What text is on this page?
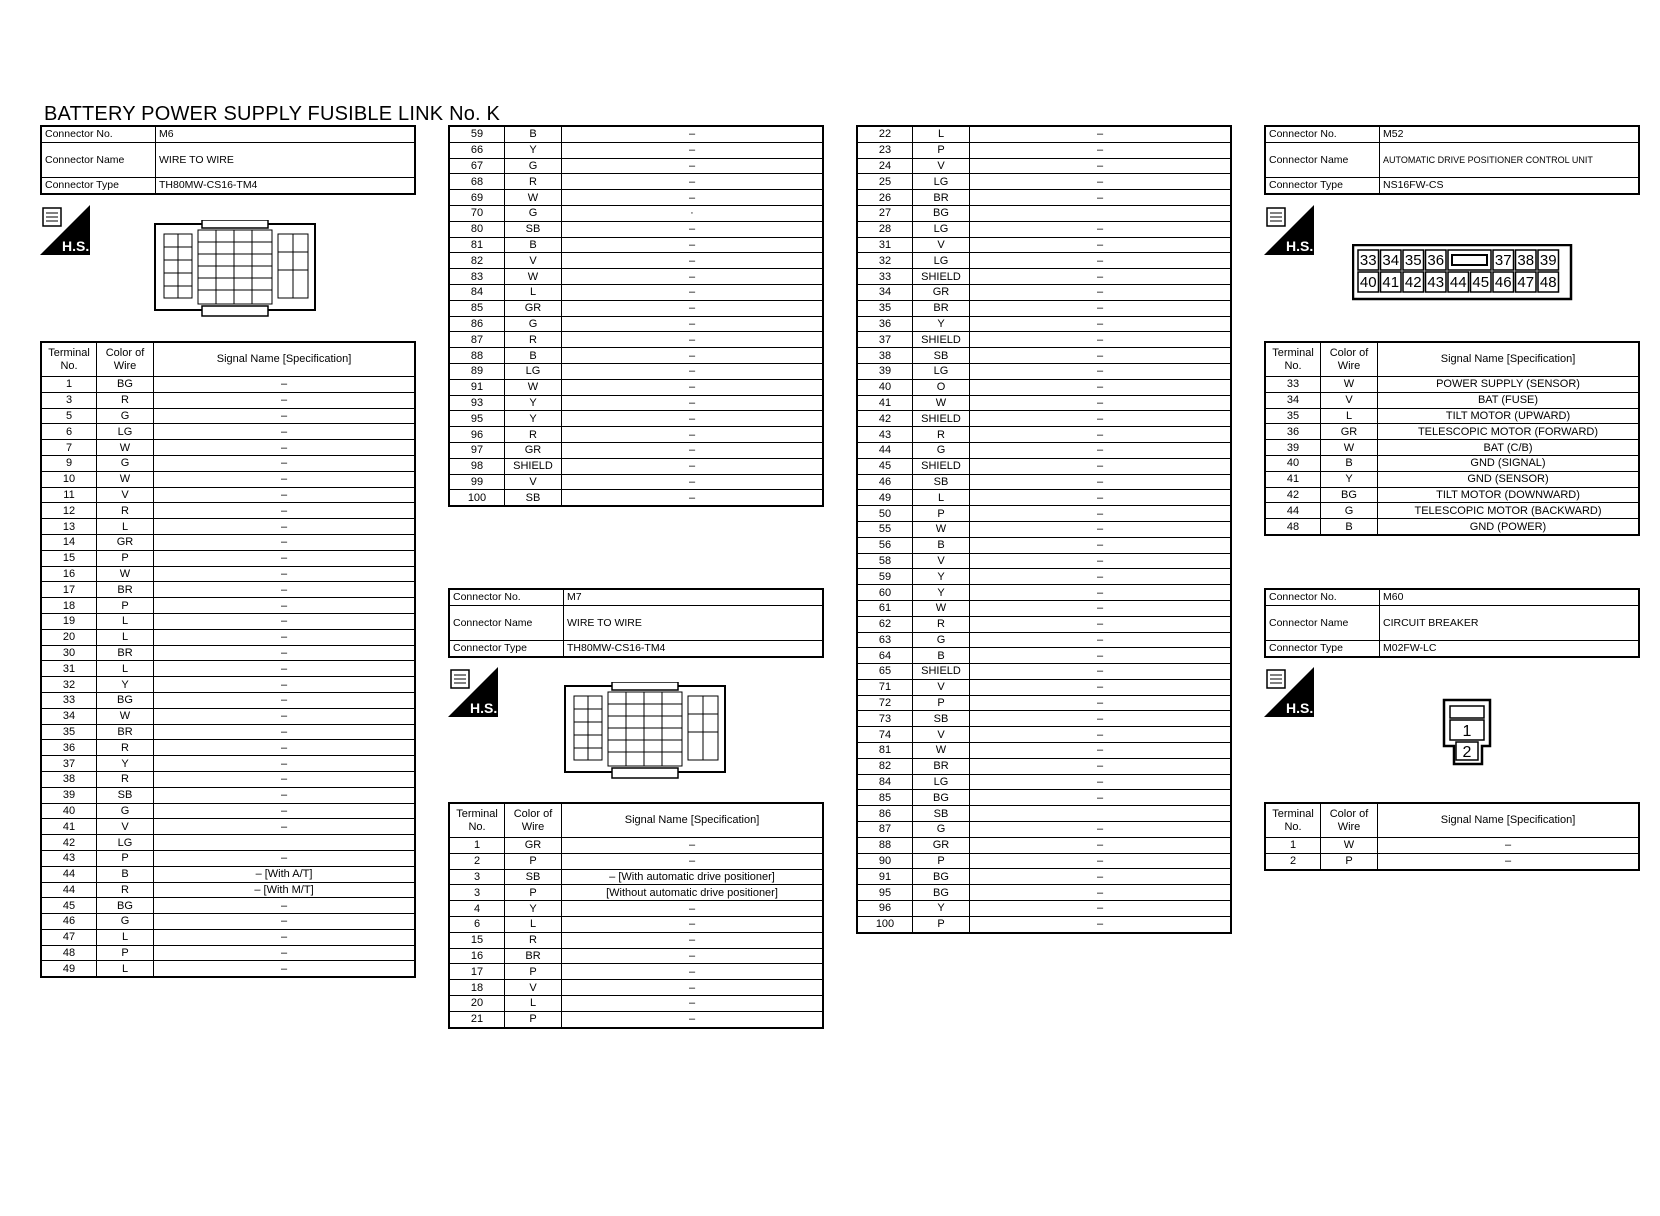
BATTERY POWER SUPPLY FUSIBLE LINK No. K
Connector No.	M6
Connector Name	WIRE TO WIRE
Connector Type	TH80MW-CS16-TM4
H.S.
Terminal No.	Color of Wire	Signal Name [Specification]
1	BG	–
3	R	–
5	G	–
6	LG	–
7	W	–
9	G	–
10	W	–
11	V	–
12	R	–
13	L	–
14	GR	–
15	P	–
16	W	–
17	BR	–
18	P	–
19	L	–
20	L	–
30	BR	–
31	L	–
32	Y	–
33	BG	–
34	W	–
35	BR	–
36	R	–
37	Y	–
38	R	–
39	SB	–
40	G	–
41	V	–
42	LG	
43	P	–
44	B	– [With A/T]
44	R	– [With M/T]
45	BG	–
46	G	–
47	L	–
48	P	–
49	L	–
59	B	–
66	Y	–
67	G	–
68	R	–
69	W	–
70	G	·
80	SB	–
81	B	–
82	V	–
83	W	–
84	L	–
85	GR	–
86	G	–
87	R	–
88	B	–
89	LG	–
91	W	–
93	Y	–
95	Y	–
96	R	–
97	GR	–
98	SHIELD	–
99	V	–
100	SB	–
Connector No.	M7
Connector Name	WIRE TO WIRE
Connector Type	TH80MW-CS16-TM4
H.S.
Terminal No.	Color of Wire	Signal Name [Specification]
1	GR	–
2	P	–
3	SB	– [With automatic drive positioner]
3	P	[Without automatic drive positioner]
4	Y	–
6	L	–
15	R	–
16	BR	–
17	P	–
18	V	–
20	L	–
21	P	–
22	L	–
23	P	–
24	V	–
25	LG	–
26	BR	–
27	BG	
28	LG	–
31	V	–
32	LG	–
33	SHIELD	–
34	GR	–
35	BR	–
36	Y	–
37	SHIELD	–
38	SB	–
39	LG	–
40	O	–
41	W	–
42	SHIELD	–
43	R	–
44	G	–
45	SHIELD	–
46	SB	–
49	L	–
50	P	–
55	W	–
56	B	–
58	V	–
59	Y	–
60	Y	–
61	W	–
62	R	–
63	G	–
64	B	–
65	SHIELD	–
71	V	–
72	P	–
73	SB	–
74	V	–
81	W	–
82	BR	–
84	LG	–
85	BG	–
86	SB	
87	G	–
88	GR	–
90	P	–
91	BG	–
95	BG	–
96	Y	–
100	P	–
Connector No.	M52
Connector Name	AUTOMATIC DRIVE POSITIONER CONTROL UNIT
Connector Type	NS16FW-CS
H.S.
33 34 35 36	37 38 39
40 41 42 43 44 45 46 47 48
Terminal No.	Color of Wire	Signal Name [Specification]
33	W	POWER SUPPLY (SENSOR)
34	V	BAT (FUSE)
35	L	TILT MOTOR (UPWARD)
36	GR	TELESCOPIC MOTOR (FORWARD)
39	W	BAT (C/B)
40	B	GND (SIGNAL)
41	Y	GND (SENSOR)
42	BG	TILT MOTOR (DOWNWARD)
44	G	TELESCOPIC MOTOR (BACKWARD)
48	B	GND (POWER)
Connector No.	M60
Connector Name	CIRCUIT BREAKER
Connector Type	M02FW-LC
H.S.
1
2
Terminal No.	Color of Wire	Signal Name [Specification]
1	W	–
2	P	–
